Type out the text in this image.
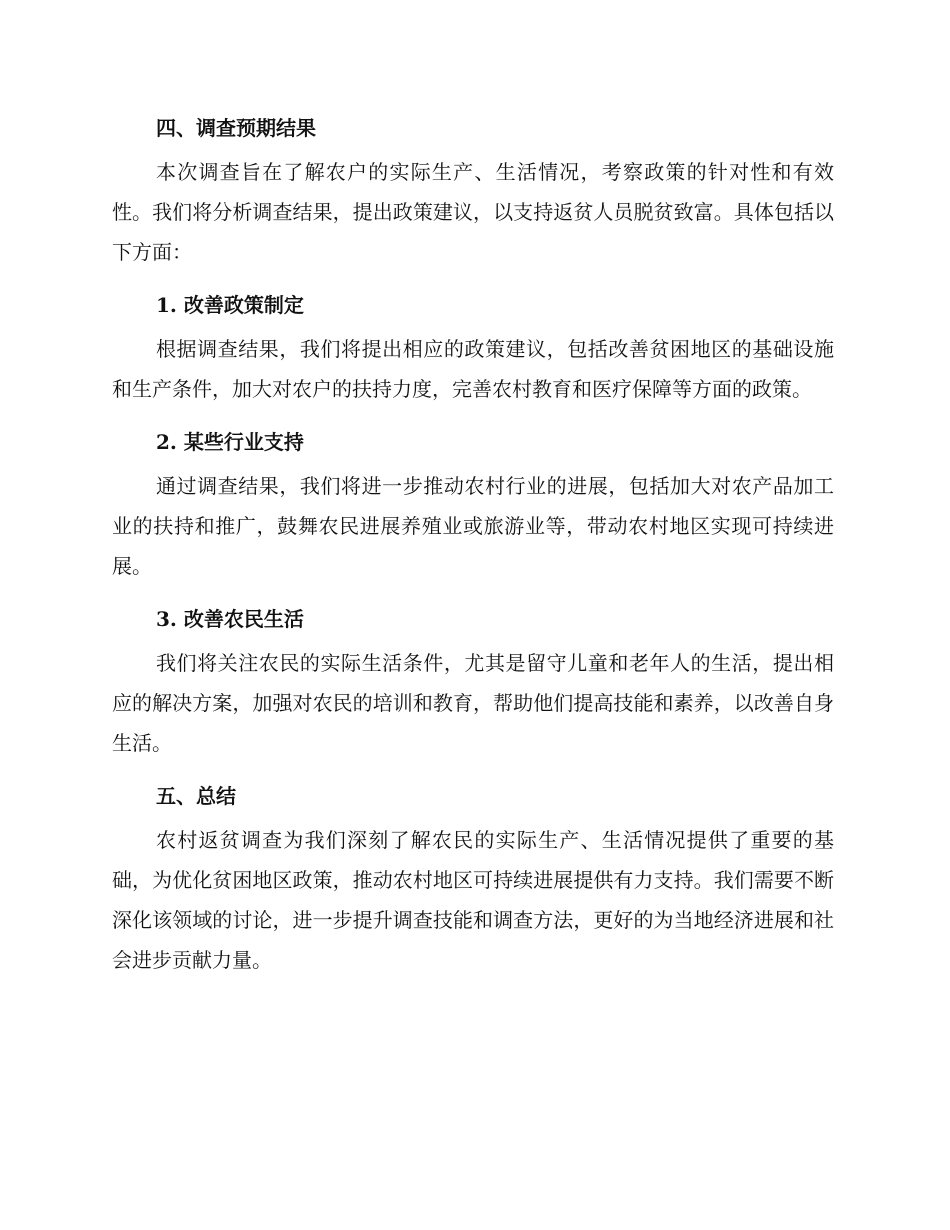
四、调查预期结果

本次调查旨在了解农户的实际生产、生活情况，考察政策的针对性和有效性。我们将分析调查结果，提出政策建议，以支持返贫人员脱贫致富。具体包括以下方面：

1. 改善政策制定

根据调查结果，我们将提出相应的政策建议，包括改善贫困地区的基础设施和生产条件，加大对农户的扶持力度，完善农村教育和医疗保障等方面的政策。

2. 某些行业支持

通过调查结果，我们将进一步推动农村行业的进展，包括加大对农产品加工业的扶持和推广，鼓舞农民进展养殖业或旅游业等，带动农村地区实现可持续进展。

3. 改善农民生活

我们将关注农民的实际生活条件，尤其是留守儿童和老年人的生活，提出相应的解决方案，加强对农民的培训和教育，帮助他们提高技能和素养，以改善自身生活。

五、总结

农村返贫调查为我们深刻了解农民的实际生产、生活情况提供了重要的基础，为优化贫困地区政策，推动农村地区可持续进展提供有力支持。我们需要不断深化该领域的讨论，进一步提升调查技能和调查方法，更好的为当地经济进展和社会进步贡献力量。
